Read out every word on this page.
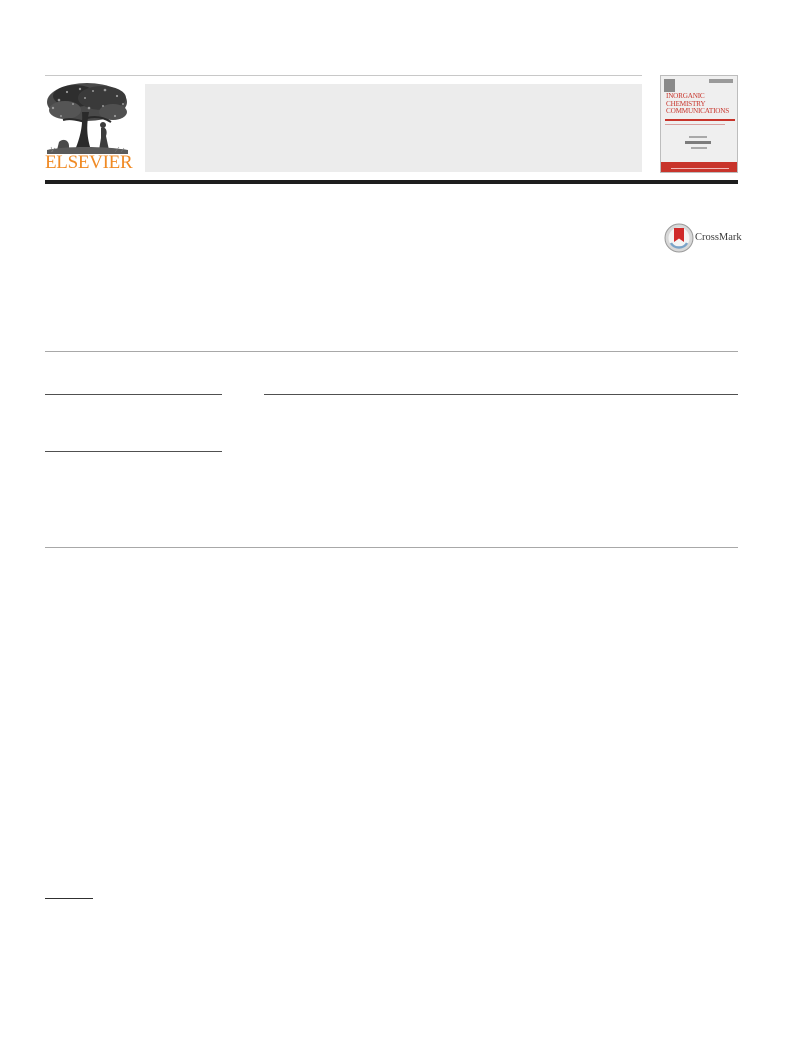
ELSEVIER
INORGANIC
CHEMISTRY
COMMUNICATIONS
CrossMark
